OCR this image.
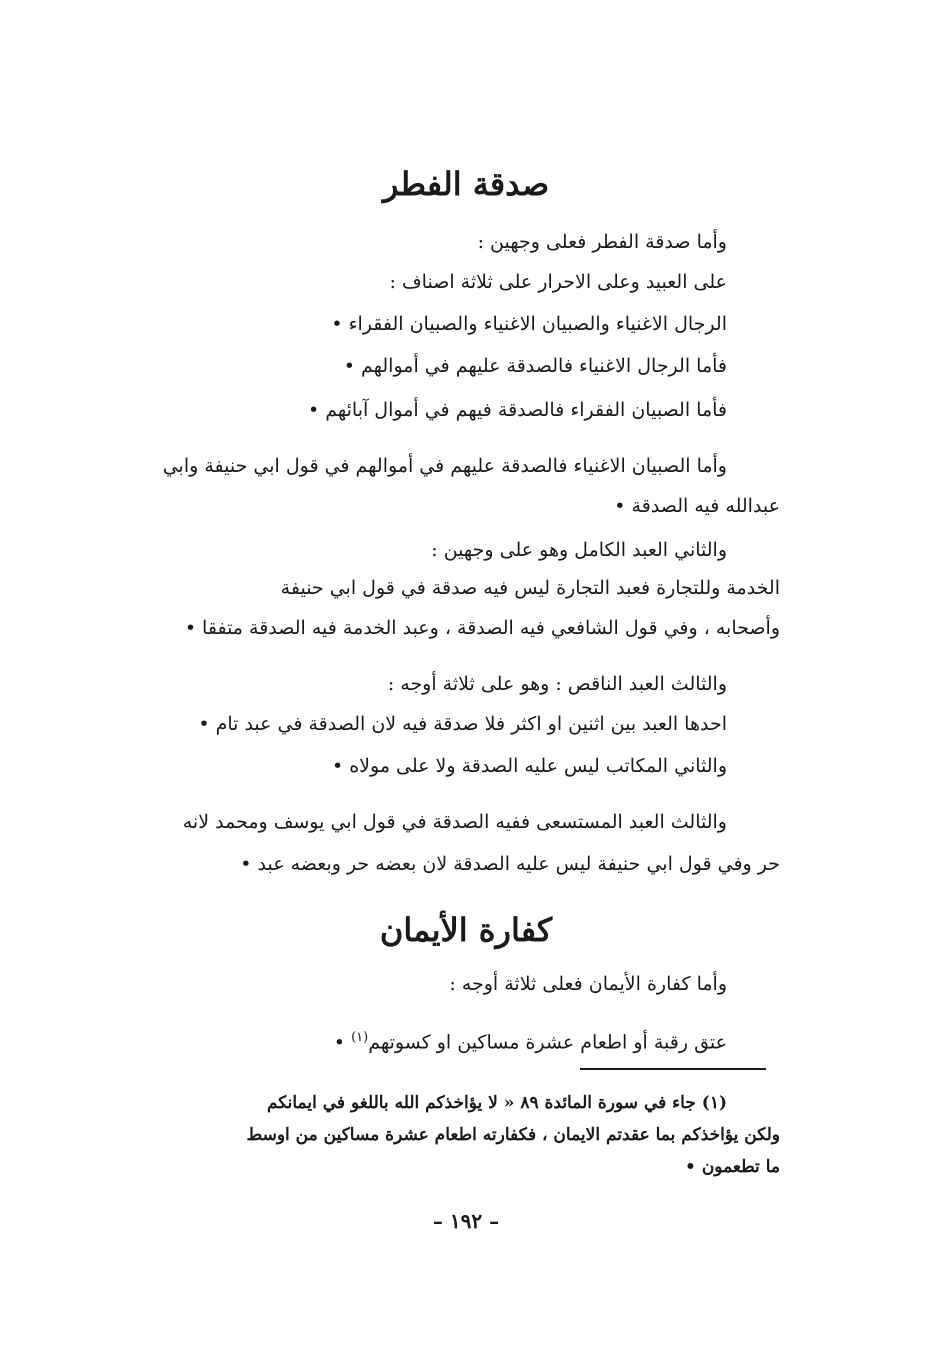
صدقة الفطر
وأما صدقة الفطر فعلى وجهين :
على العبيد وعلى الاحرار على ثلاثة اصناف :
الرجال الاغنياء والصبيان الاغنياء والصبيان الفقراء •
فأما الرجال الاغنياء فالصدقة عليهم في أموالهم •
فأما الصبيان الفقراء فالصدقة فيهم في أموال آبائهم •
وأما الصبيان الاغنياء فالصدقة عليهم في أموالهم في قول ابي حنيفة وابي
عبدالله فيه الصدقة •
والثاني العبد الكامل وهو على وجهين :
الخدمة وللتجارة فعبد التجارة ليس فيه صدقة في قول ابي حنيفة
وأصحابه ، وفي قول الشافعي فيه الصدقة ، وعبد الخدمة فيه الصدقة متفقا •
والثالث العبد الناقص : وهو على ثلاثة أوجه :
احدها العبد بين اثنين او اكثر فلا صدقة فيه لان الصدقة في عبد تام •
والثاني المكاتب ليس عليه الصدقة ولا على مولاه •
والثالث العبد المستسعى ففيه الصدقة في قول ابي يوسف ومحمد لانه
حر وفي قول ابي حنيفة ليس عليه الصدقة لان بعضه حر وبعضه عبد •
كفارة الأيمان
وأما كفارة الأيمان فعلى ثلاثة أوجه :
عتق رقبة أو اطعام عشرة مساكين او كسوتهم$^{(١)}$ •
(١) جاء في سورة المائدة ٨٩ « لا يؤاخذكم الله باللغو في ايمانكم
ولكن يؤاخذكم بما عقدتم الايمان ، فكفارته اطعام عشرة مساكين من اوسط
ما تطعمون •
– ١٩٢ –
